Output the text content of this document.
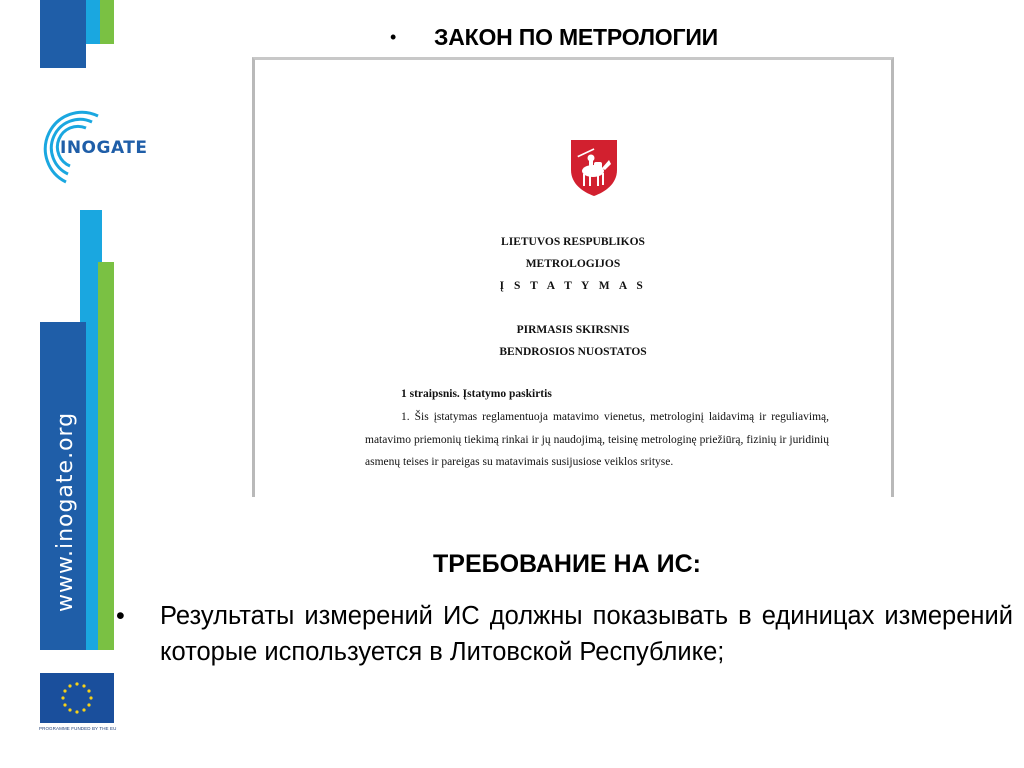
INOGATE
www.inogate.org
PROGRAMME FUNDED BY THE EU
•	ЗАКОН ПО МЕТРОЛОГИИ
LIETUVOS RESPUBLIKOS
METROLOGIJOS
Į S T A T Y M A S
PIRMASIS SKIRSNIS
BENDROSIOS NUOSTATOS
1 straipsnis. Įstatymo paskirtis
1. Šis įstatymas reglamentuoja matavimo vienetus, metrologinį laidavimą ir reguliavimą, matavimo priemonių tiekimą rinkai ir jų naudojimą, teisinę metrologinę priežiūrą, fizinių ir juridinių asmenų teises ir pareigas su matavimais susijusiose veiklos srityse.
ТРЕБОВАНИЕ НА ИС:
• Результаты измерений ИС должны показывать в единицах измерений которые используется в Литовской Республике;
